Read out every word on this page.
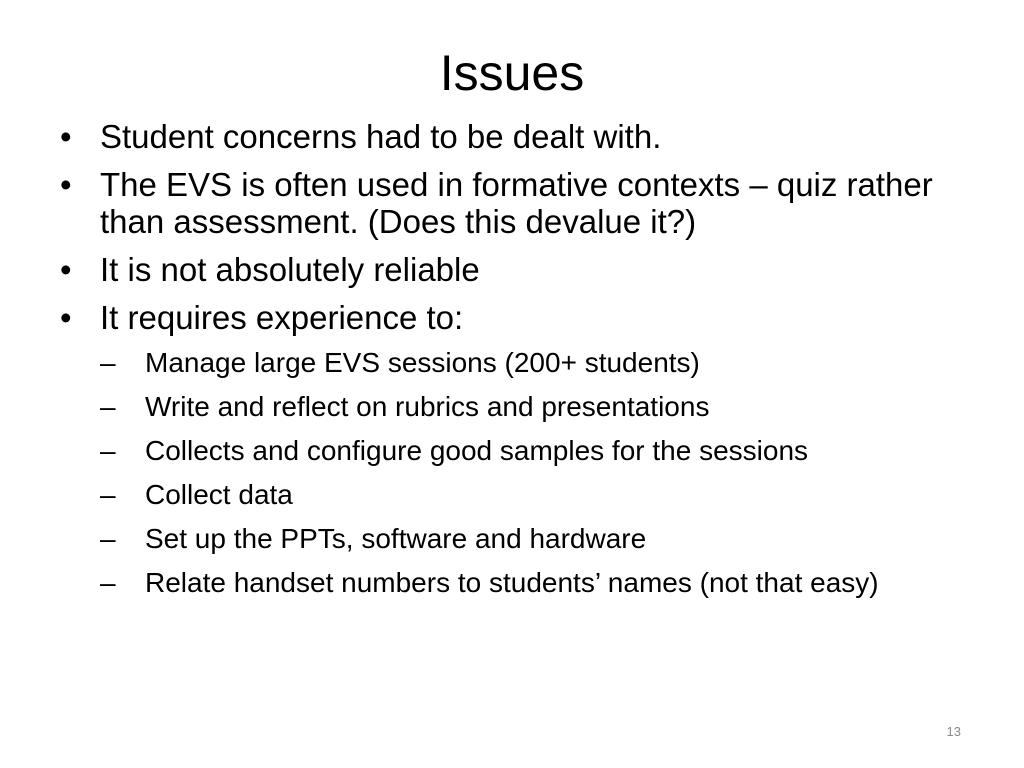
Issues
• Student concerns had to be dealt with.
• The EVS is often used in formative contexts – quiz rather than assessment. (Does this devalue it?)
• It is not absolutely reliable
• It requires experience to:
–	Manage large EVS sessions (200+ students)
–	Write and reflect on rubrics and presentations
–	Collects and configure good samples for the sessions
–	Collect data
–	Set up the PPTs, software and hardware
–	Relate handset numbers to students’ names (not that easy)
13
